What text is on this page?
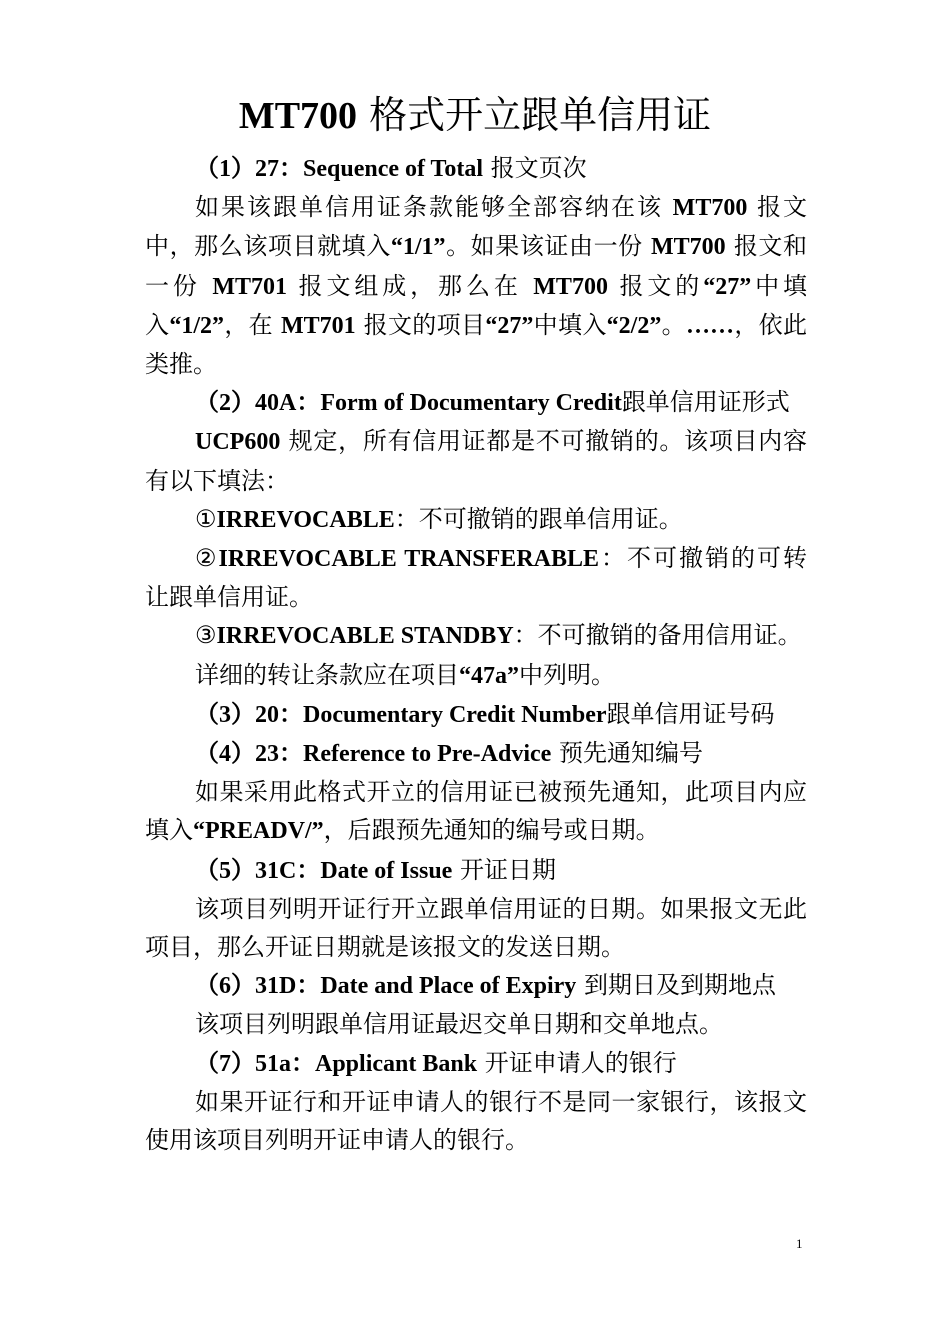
MT700 格式开立跟单信用证

（1）27：Sequence of Total 报文页次

如果该跟单信用证条款能够全部容纳在该 MT700 报文中，那么该项目就填入“1/1”。如果该证由一份 MT700 报文和一份 MT701 报文组成，那么在 MT700 报文的“27”中填入“1/2”，在 MT701 报文的项目“27”中填入“2/2”。……，依此类推。

（2）40A：Form of Documentary Credit跟单信用证形式

UCP600 规定，所有信用证都是不可撤销的。该项目内容有以下填法：

①IRREVOCABLE：不可撤销的跟单信用证。

②IRREVOCABLE TRANSFERABLE：不可撤销的可转让跟单信用证。

③IRREVOCABLE STANDBY：不可撤销的备用信用证。

详细的转让条款应在项目“47a”中列明。

（3）20：Documentary Credit Number跟单信用证号码

（4）23：Reference to Pre-Advice 预先通知编号

如果采用此格式开立的信用证已被预先通知，此项目内应填入“PREADV/”，后跟预先通知的编号或日期。

（5）31C：Date of Issue 开证日期

该项目列明开证行开立跟单信用证的日期。如果报文无此项目，那么开证日期就是该报文的发送日期。

（6）31D：Date and Place of Expiry 到期日及到期地点

该项目列明跟单信用证最迟交单日期和交单地点。

（7）51a：Applicant Bank 开证申请人的银行

如果开证行和开证申请人的银行不是同一家银行，该报文使用该项目列明开证申请人的银行。

1
